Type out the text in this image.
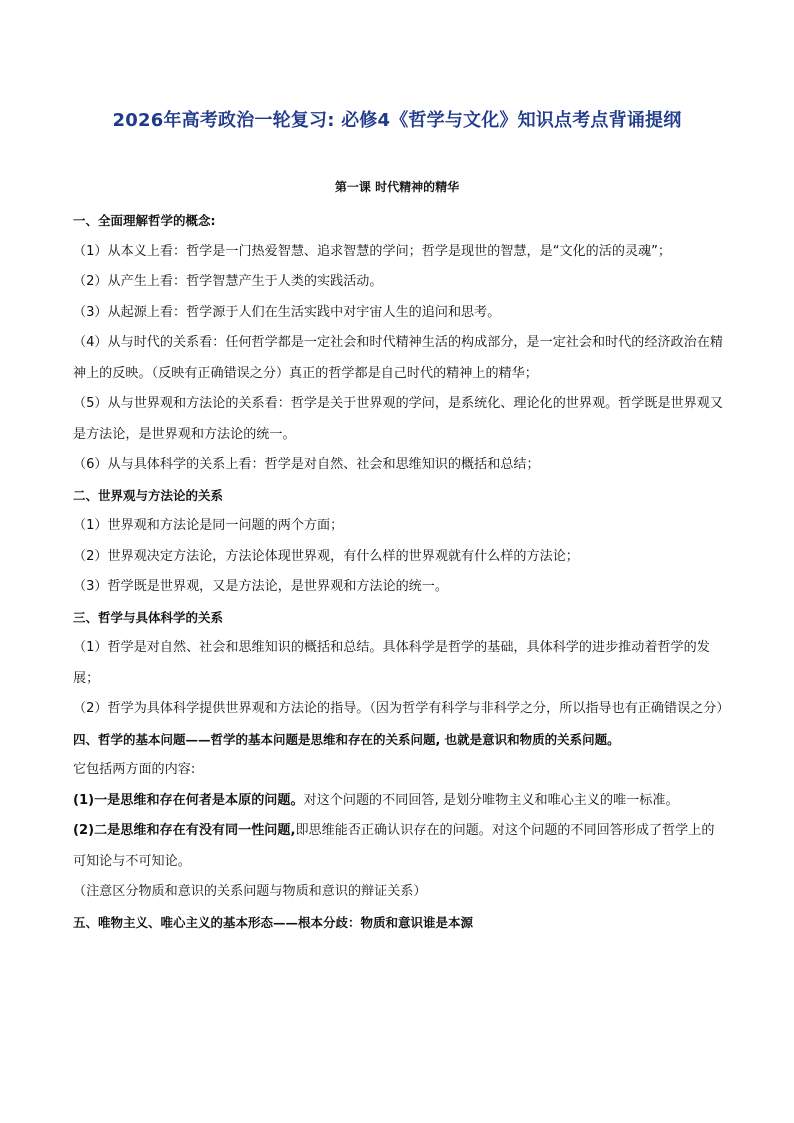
2026年高考政治一轮复习: 必修4《哲学与文化》知识点考点背诵提纲
第一课 时代精神的精华
一、全面理解哲学的概念:
（1）从本义上看：哲学是一门热爱智慧、追求智慧的学问；哲学是现世的智慧，是“文化的活的灵魂”；
（2）从产生上看：哲学智慧产生于人类的实践活动。
（3）从起源上看：哲学源于人们在生活实践中对宇宙人生的追问和思考。
（4）从与时代的关系看：任何哲学都是一定社会和时代精神生活的构成部分，是一定社会和时代的经济政治在精神上的反映。（反映有正确错误之分）真正的哲学都是自己时代的精神上的精华；
（5）从与世界观和方法论的关系看：哲学是关于世界观的学问，是系统化、理论化的世界观。哲学既是世界观又是方法论，是世界观和方法论的统一。
（6）从与具体科学的关系上看：哲学是对自然、社会和思维知识的概括和总结；
二、世界观与方法论的关系
（1）世界观和方法论是同一问题的两个方面；
（2）世界观决定方法论，方法论体现世界观，有什么样的世界观就有什么样的方法论；
（3）哲学既是世界观，又是方法论，是世界观和方法论的统一。
三、哲学与具体科学的关系
（1）哲学是对自然、社会和思维知识的概括和总结。具体科学是哲学的基础，具体科学的进步推动着哲学的发展；
（2）哲学为具体科学提供世界观和方法论的指导。（因为哲学有科学与非科学之分，所以指导也有正确错误之分）
四、哲学的基本问题——哲学的基本问题是思维和存在的关系问题, 也就是意识和物质的关系问题。
它包括两方面的内容:
(1)一是思维和存在何者是本原的问题。对这个问题的不同回答, 是划分唯物主义和唯心主义的唯一标准。
(2)二是思维和存在有没有同一性问题,即思维能否正确认识存在的问题。对这个问题的不同回答形成了哲学上的可知论与不可知论。
（注意区分物质和意识的关系问题与物质和意识的辩证关系）
五、唯物主义、唯心主义的基本形态——根本分歧：物质和意识谁是本源
